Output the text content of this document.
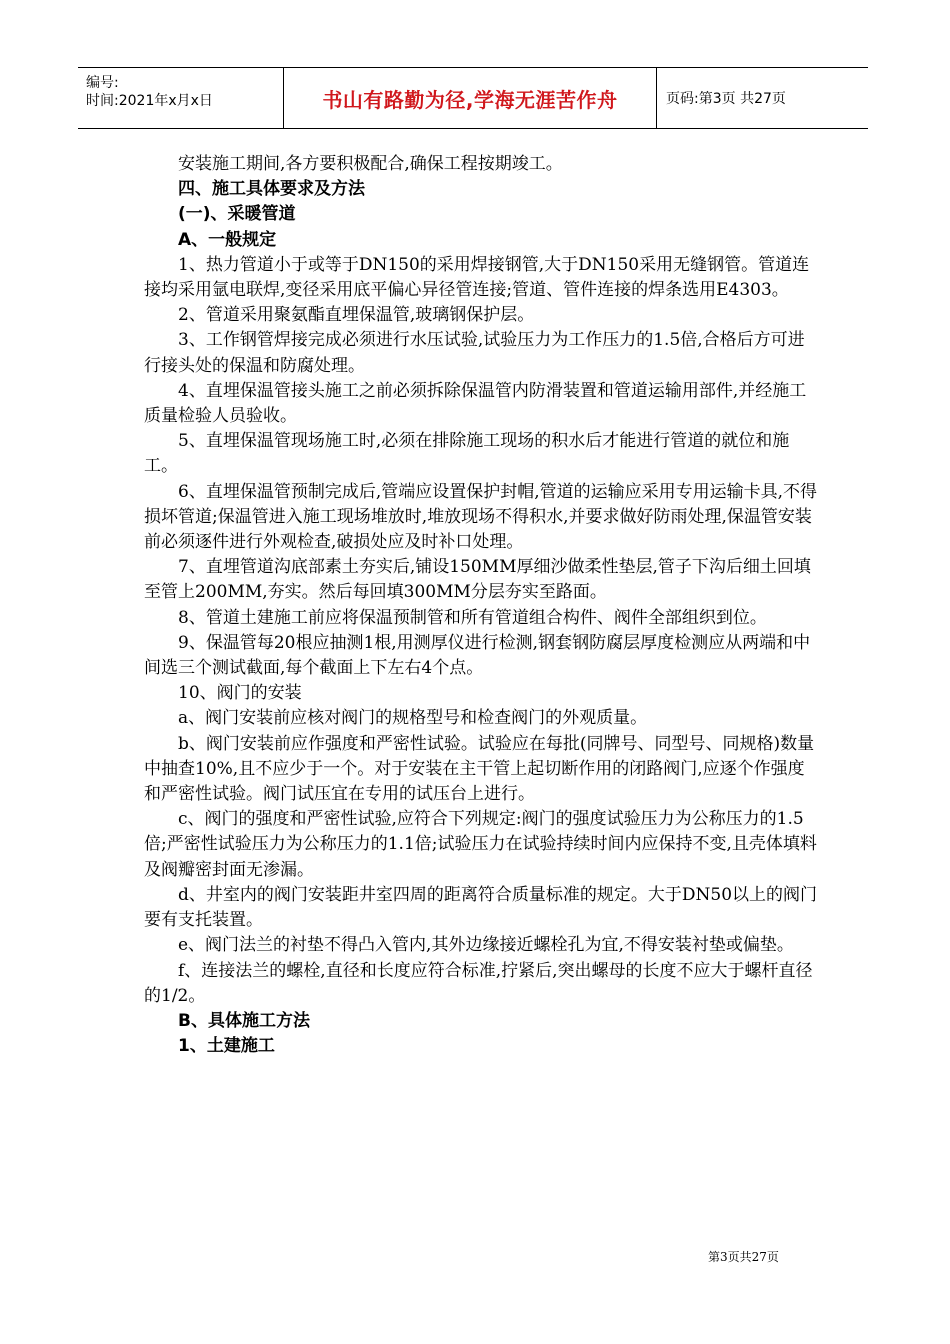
编号:
时间:2021年x月x日	书山有路勤为径,学海无涯苦作舟	页码:第3页 共27页

安装施工期间,各方要积极配合,确保工程按期竣工。

四、施工具体要求及方法

(一)、采暖管道

A、一般规定

1、热力管道小于或等于DN150的采用焊接钢管,大于DN150采用无缝钢管。管道连接均采用氩电联焊,变径采用底平偏心异径管连接;管道、管件连接的焊条选用E4303。

2、管道采用聚氨酯直埋保温管,玻璃钢保护层。

3、工作钢管焊接完成必须进行水压试验,试验压力为工作压力的1.5倍,合格后方可进行接头处的保温和防腐处理。

4、直埋保温管接头施工之前必须拆除保温管内防滑装置和管道运输用部件,并经施工质量检验人员验收。

5、直埋保温管现场施工时,必须在排除施工现场的积水后才能进行管道的就位和施工。

6、直埋保温管预制完成后,管端应设置保护封帽,管道的运输应采用专用运输卡具,不得损坏管道;保温管进入施工现场堆放时,堆放现场不得积水,并要求做好防雨处理,保温管安装前必须逐件进行外观检查,破损处应及时补口处理。

7、直埋管道沟底部素土夯实后,铺设150MM厚细沙做柔性垫层,管子下沟后细土回填至管上200MM,夯实。然后每回填300MM分层夯实至路面。

8、管道土建施工前应将保温预制管和所有管道组合构件、阀件全部组织到位。

9、保温管每20根应抽测1根,用测厚仪进行检测,钢套钢防腐层厚度检测应从两端和中间选三个测试截面,每个截面上下左右4个点。

10、阀门的安装

a、阀门安装前应核对阀门的规格型号和检查阀门的外观质量。

b、阀门安装前应作强度和严密性试验。试验应在每批(同牌号、同型号、同规格)数量中抽查10%,且不应少于一个。对于安装在主干管上起切断作用的闭路阀门,应逐个作强度和严密性试验。阀门试压宜在专用的试压台上进行。

c、阀门的强度和严密性试验,应符合下列规定:阀门的强度试验压力为公称压力的1.5倍;严密性试验压力为公称压力的1.1倍;试验压力在试验持续时间内应保持不变,且壳体填料及阀瓣密封面无渗漏。

d、井室内的阀门安装距井室四周的距离符合质量标准的规定。大于DN50以上的阀门要有支托装置。

e、阀门法兰的衬垫不得凸入管内,其外边缘接近螺栓孔为宜,不得安装衬垫或偏垫。

f、连接法兰的螺栓,直径和长度应符合标准,拧紧后,突出螺母的长度不应大于螺杆直径的1/2。

B、具体施工方法

1、土建施工

第3页共27页
